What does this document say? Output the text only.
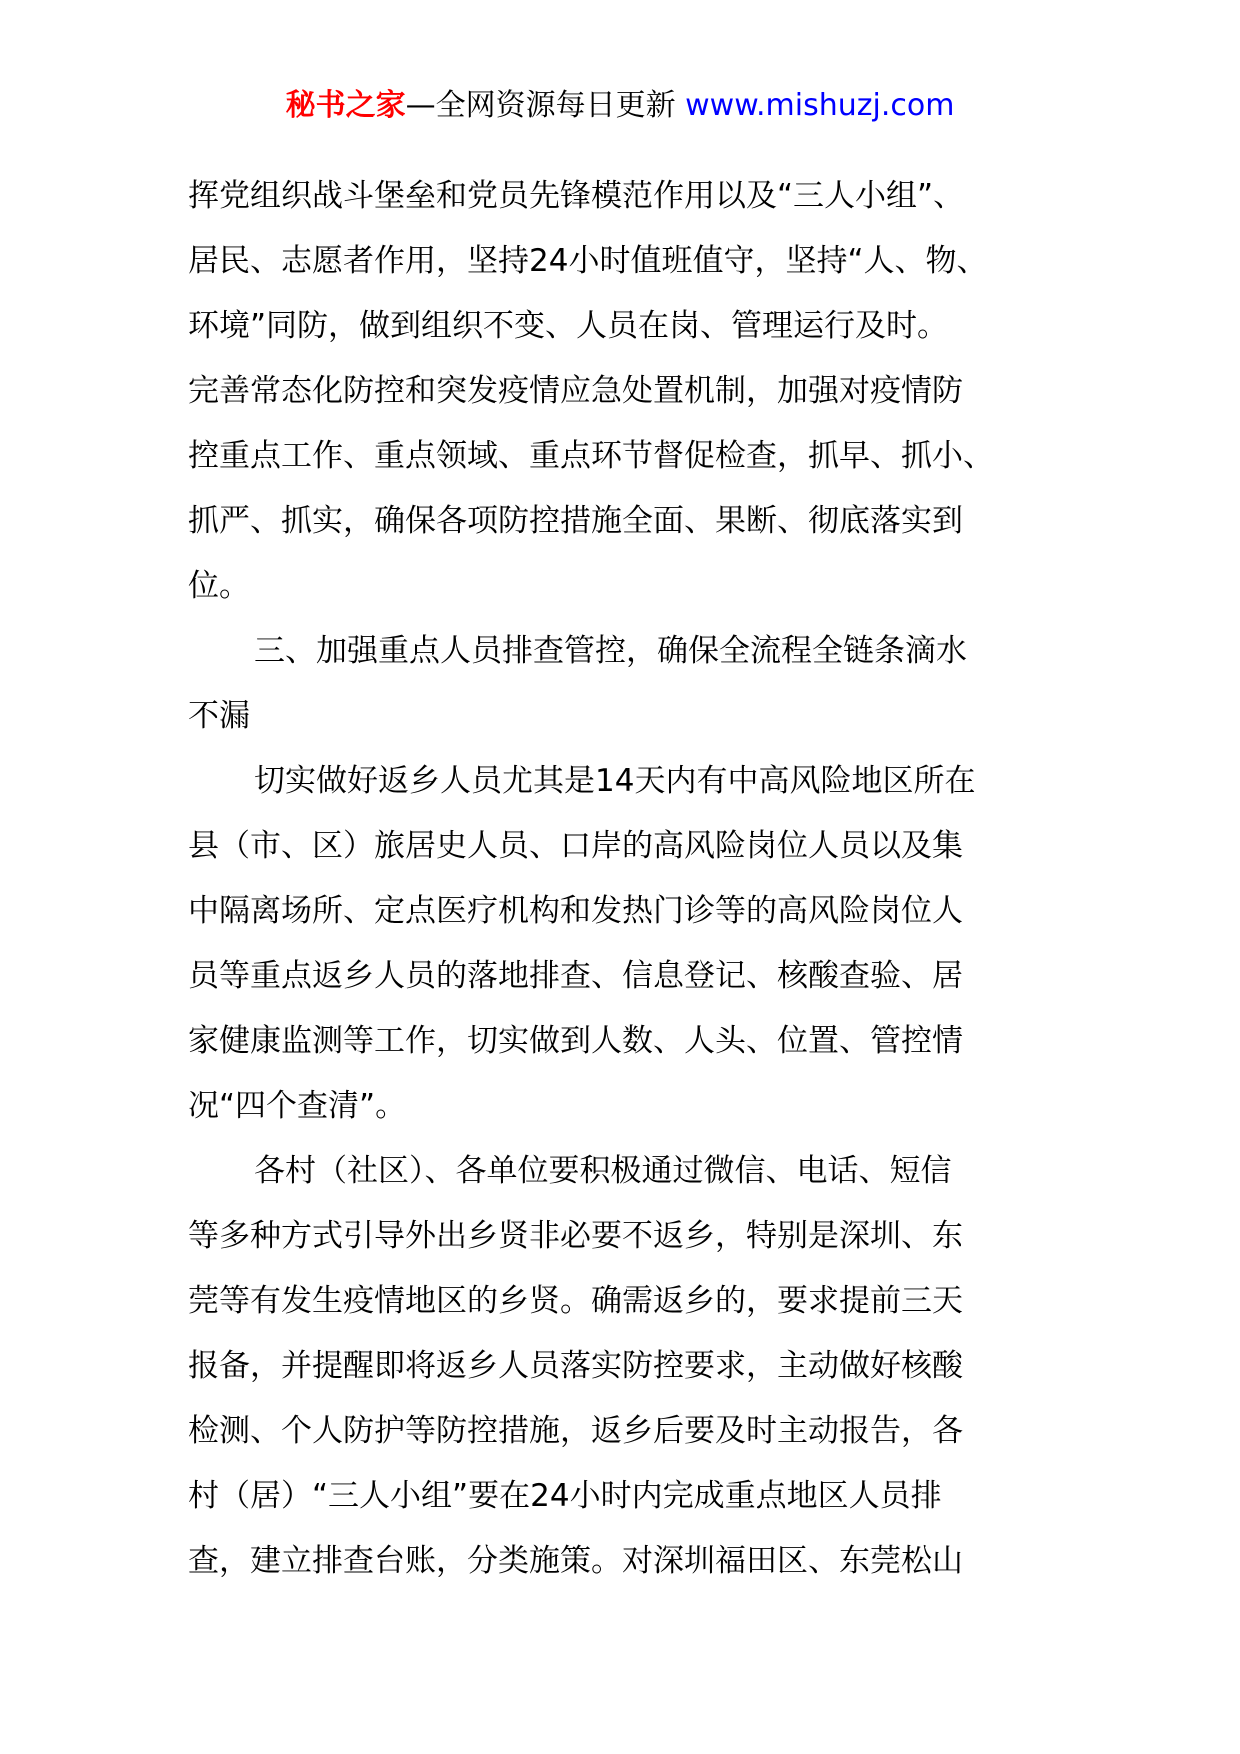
秘书之家—全网资源每日更新 www.mishuzj.com
挥党组织战斗堡垒和党员先锋模范作用以及“三人小组”、
居民、志愿者作用，坚持24小时值班值守，坚持“人、物、
环境”同防，做到组织不变、人员在岗、管理运行及时。
完善常态化防控和突发疫情应急处置机制，加强对疫情防
控重点工作、重点领域、重点环节督促检查，抓早、抓小、
抓严、抓实，确保各项防控措施全面、果断、彻底落实到
位。
三、加强重点人员排查管控，确保全流程全链条滴水
不漏
切实做好返乡人员尤其是14天内有中高风险地区所在
县（市、区）旅居史人员、口岸的高风险岗位人员以及集
中隔离场所、定点医疗机构和发热门诊等的高风险岗位人
员等重点返乡人员的落地排查、信息登记、核酸查验、居
家健康监测等工作，切实做到人数、人头、位置、管控情
况“四个查清”。
各村（社区）、各单位要积极通过微信、电话、短信
等多种方式引导外出乡贤非必要不返乡，特别是深圳、东
莞等有发生疫情地区的乡贤。确需返乡的，要求提前三天
报备，并提醒即将返乡人员落实防控要求，主动做好核酸
检测、个人防护等防控措施，返乡后要及时主动报告，各
村（居）“三人小组”要在24小时内完成重点地区人员排
查，建立排查台账，分类施策。对深圳福田区、东莞松山
